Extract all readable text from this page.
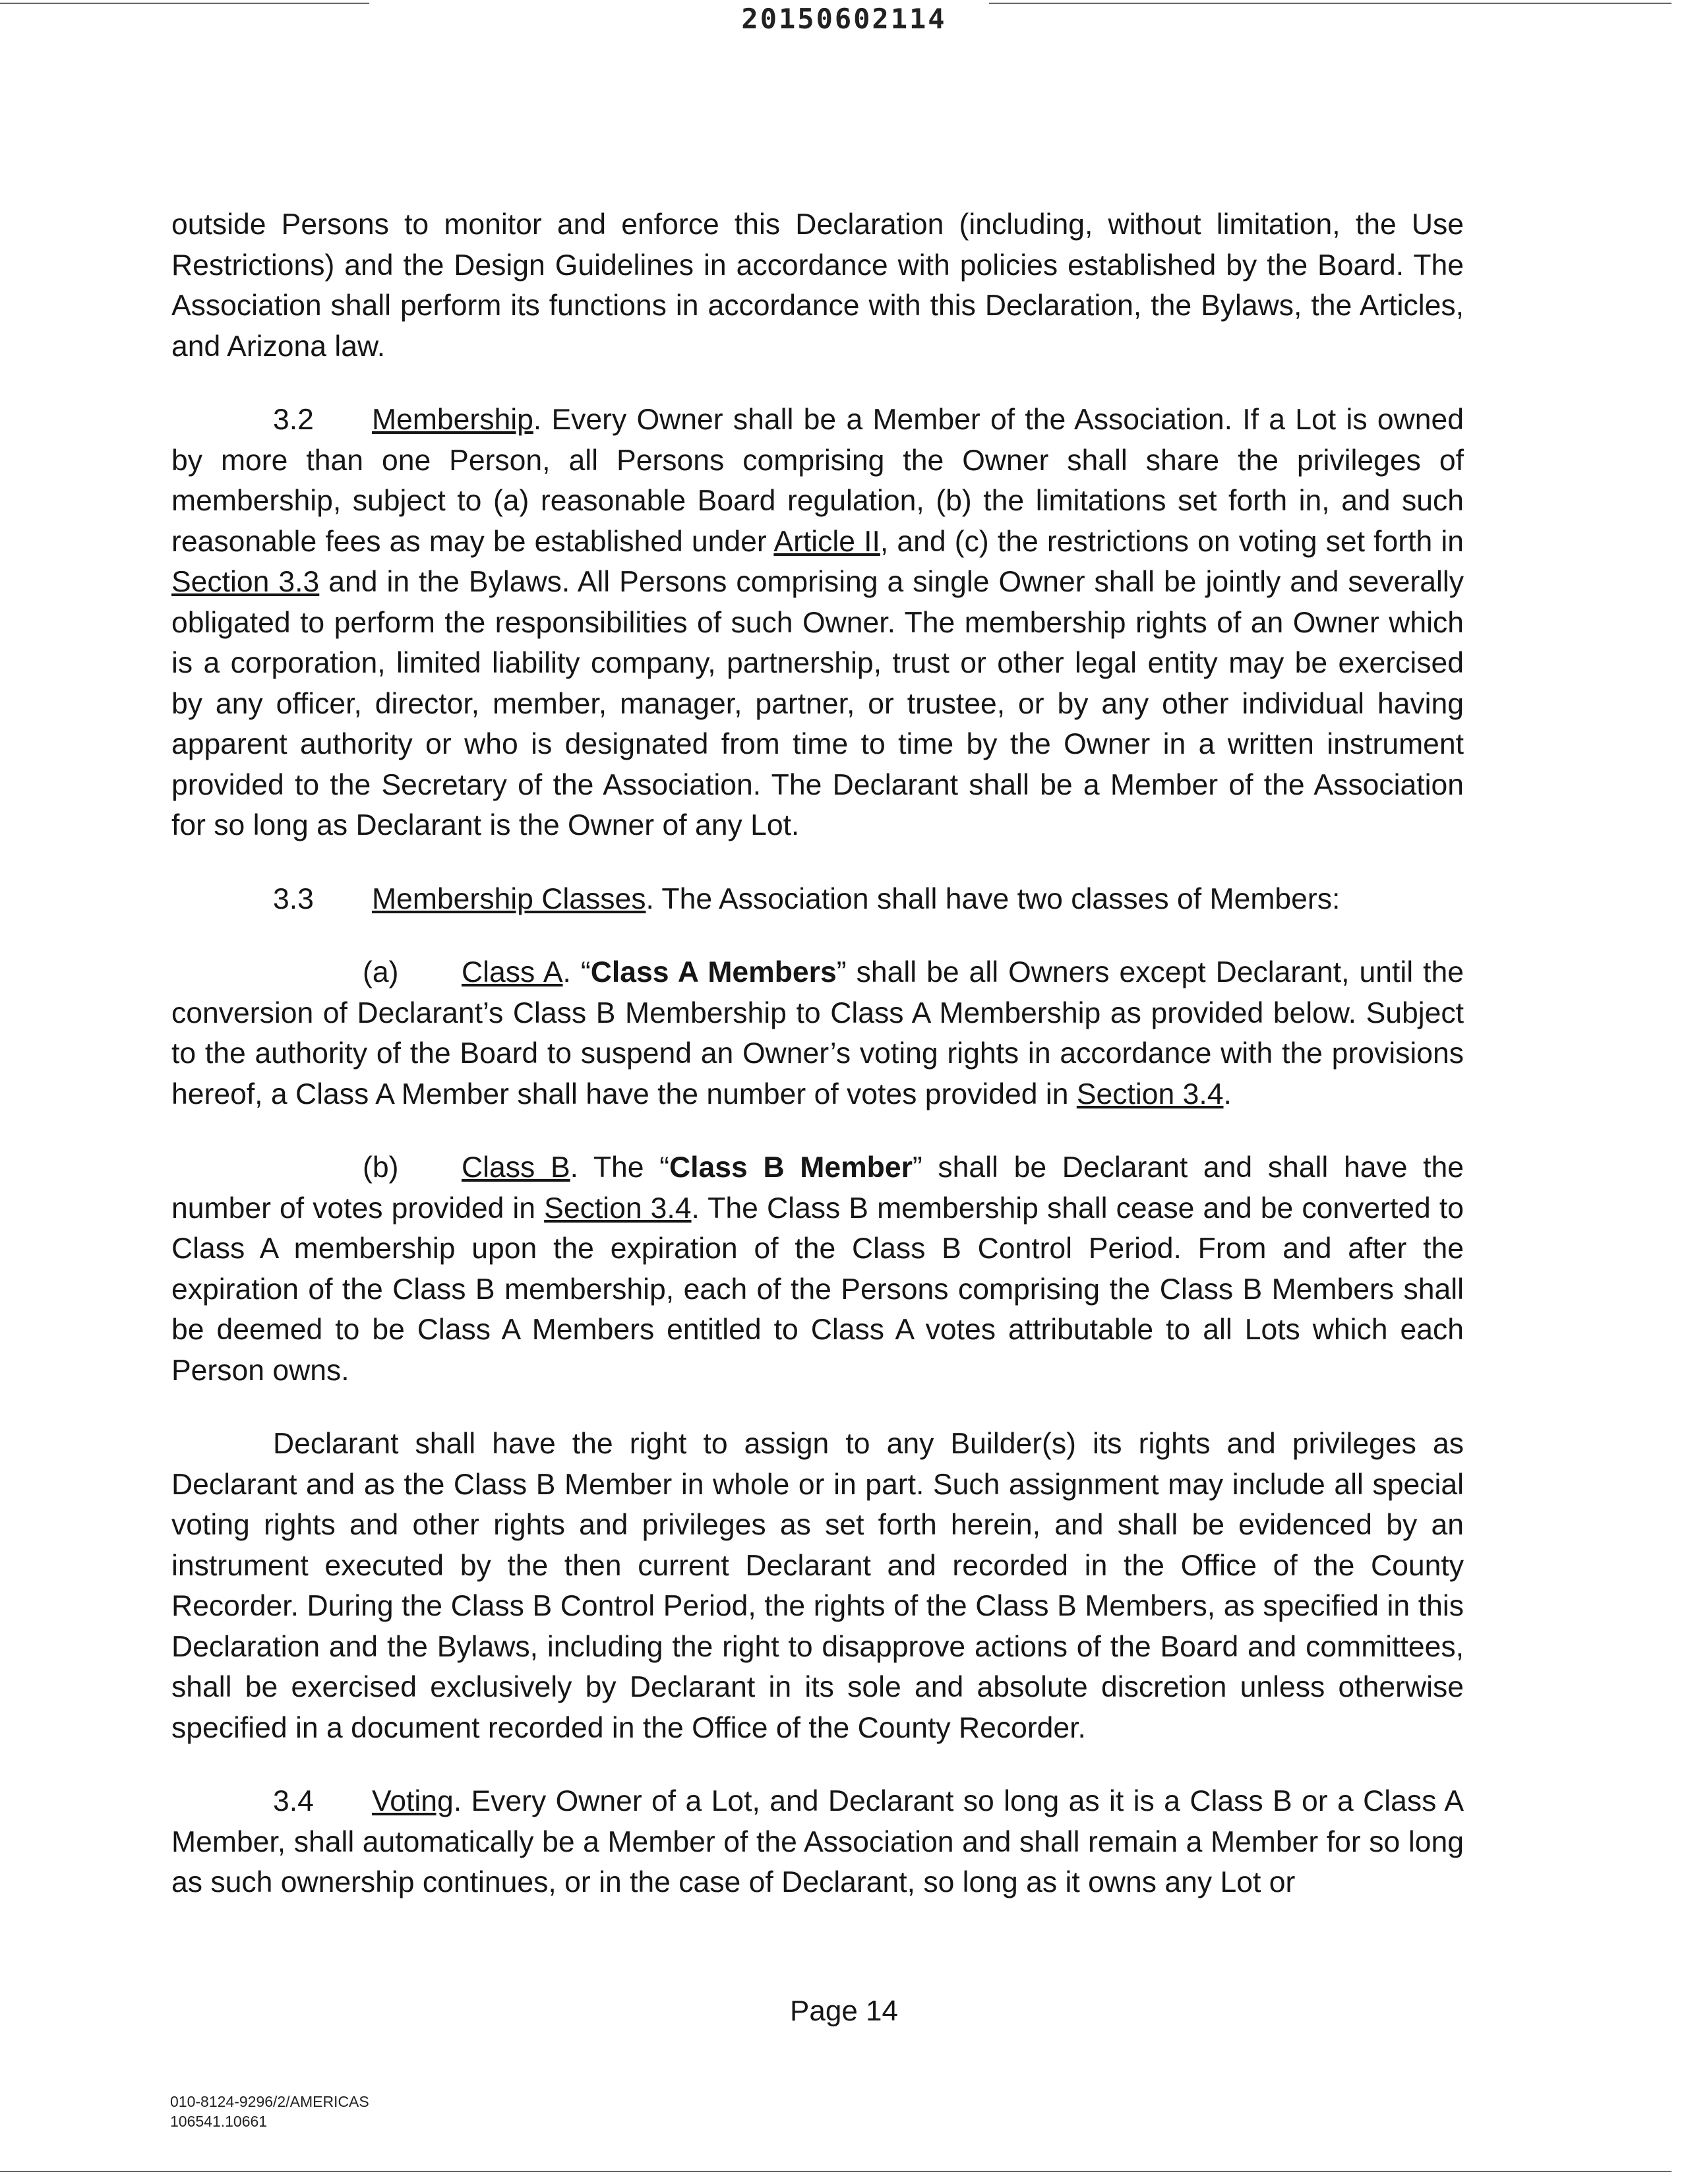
20150602114

outside Persons to monitor and enforce this Declaration (including, without limitation, the Use Restrictions) and the Design Guidelines in accordance with policies established by the Board. The Association shall perform its functions in accordance with this Declaration, the Bylaws, the Articles, and Arizona law.

3.2 Membership. Every Owner shall be a Member of the Association. If a Lot is owned by more than one Person, all Persons comprising the Owner shall share the privileges of membership, subject to (a) reasonable Board regulation, (b) the limitations set forth in, and such reasonable fees as may be established under Article II, and (c) the restrictions on voting set forth in Section 3.3 and in the Bylaws. All Persons comprising a single Owner shall be jointly and severally obligated to perform the responsibilities of such Owner. The membership rights of an Owner which is a corporation, limited liability company, partnership, trust or other legal entity may be exercised by any officer, director, member, manager, partner, or trustee, or by any other individual having apparent authority or who is designated from time to time by the Owner in a written instrument provided to the Secretary of the Association. The Declarant shall be a Member of the Association for so long as Declarant is the Owner of any Lot.

3.3 Membership Classes. The Association shall have two classes of Members:

(a) Class A. “Class A Members” shall be all Owners except Declarant, until the conversion of Declarant’s Class B Membership to Class A Membership as provided below. Subject to the authority of the Board to suspend an Owner’s voting rights in accordance with the provisions hereof, a Class A Member shall have the number of votes provided in Section 3.4.

(b) Class B. The “Class B Member” shall be Declarant and shall have the number of votes provided in Section 3.4. The Class B membership shall cease and be converted to Class A membership upon the expiration of the Class B Control Period. From and after the expiration of the Class B membership, each of the Persons comprising the Class B Members shall be deemed to be Class A Members entitled to Class A votes attributable to all Lots which each Person owns.

Declarant shall have the right to assign to any Builder(s) its rights and privileges as Declarant and as the Class B Member in whole or in part. Such assignment may include all special voting rights and other rights and privileges as set forth herein, and shall be evidenced by an instrument executed by the then current Declarant and recorded in the Office of the County Recorder. During the Class B Control Period, the rights of the Class B Members, as specified in this Declaration and the Bylaws, including the right to disapprove actions of the Board and committees, shall be exercised exclusively by Declarant in its sole and absolute discretion unless otherwise specified in a document recorded in the Office of the County Recorder.

3.4 Voting. Every Owner of a Lot, and Declarant so long as it is a Class B or a Class A Member, shall automatically be a Member of the Association and shall remain a Member for so long as such ownership continues, or in the case of Declarant, so long as it owns any Lot or

Page 14
010-8124-9296/2/AMERICAS
106541.10661
